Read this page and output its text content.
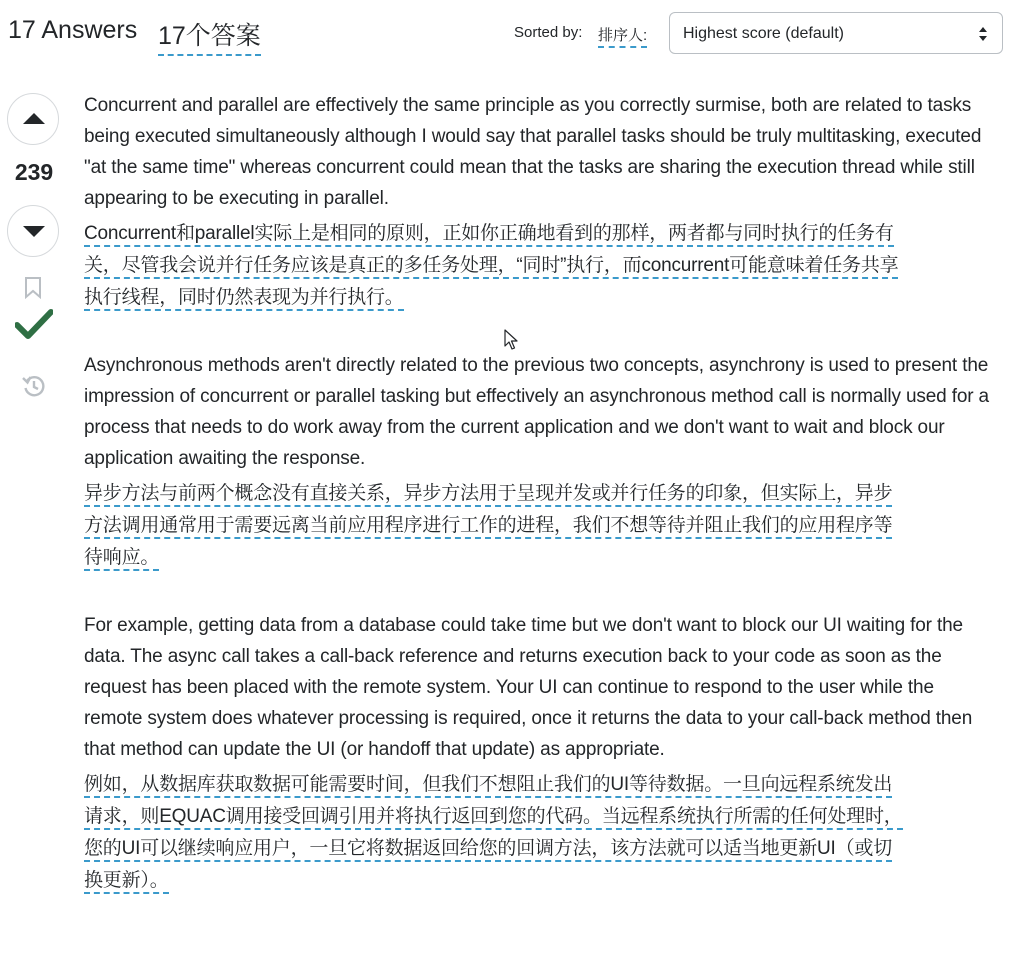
17 Answers 17个答案	Sorted by: 排序人: Highest score (default)
239

Concurrent and parallel are effectively the same principle as you correctly surmise, both are related to tasks being executed simultaneously although I would say that parallel tasks should be truly multitasking, executed "at the same time" whereas concurrent could mean that the tasks are sharing the execution thread while still appearing to be executing in parallel.

Concurrent和parallel实际上是相同的原则，正如你正确地看到的那样，两者都与同时执行的任务有
关，尽管我会说并行任务应该是真正的多任务处理，“同时”执行，而concurrent可能意味着任务共享
执行线程，同时仍然表现为并行执行。

Asynchronous methods aren't directly related to the previous two concepts, asynchrony is used to present the impression of concurrent or parallel tasking but effectively an asynchronous method call is normally used for a process that needs to do work away from the current application and we don't want to wait and block our application awaiting the response.

异步方法与前两个概念没有直接关系，异步方法用于呈现并发或并行任务的印象，但实际上，异步
方法调用通常用于需要远离当前应用程序进行工作的进程，我们不想等待并阻止我们的应用程序等
待响应。

For example, getting data from a database could take time but we don't want to block our UI waiting for the data. The async call takes a call-back reference and returns execution back to your code as soon as the request has been placed with the remote system. Your UI can continue to respond to the user while the remote system does whatever processing is required, once it returns the data to your call-back method then that method can update the UI (or handoff that update) as appropriate.

例如，从数据库获取数据可能需要时间，但我们不想阻止我们的UI等待数据。一旦向远程系统发出
请求，则EQUAC调用接受回调引用并将执行返回到您的代码。当远程系统执行所需的任何处理时，
您的UI可以继续响应用户，一旦它将数据返回给您的回调方法，该方法就可以适当地更新UI（或切
换更新）。
